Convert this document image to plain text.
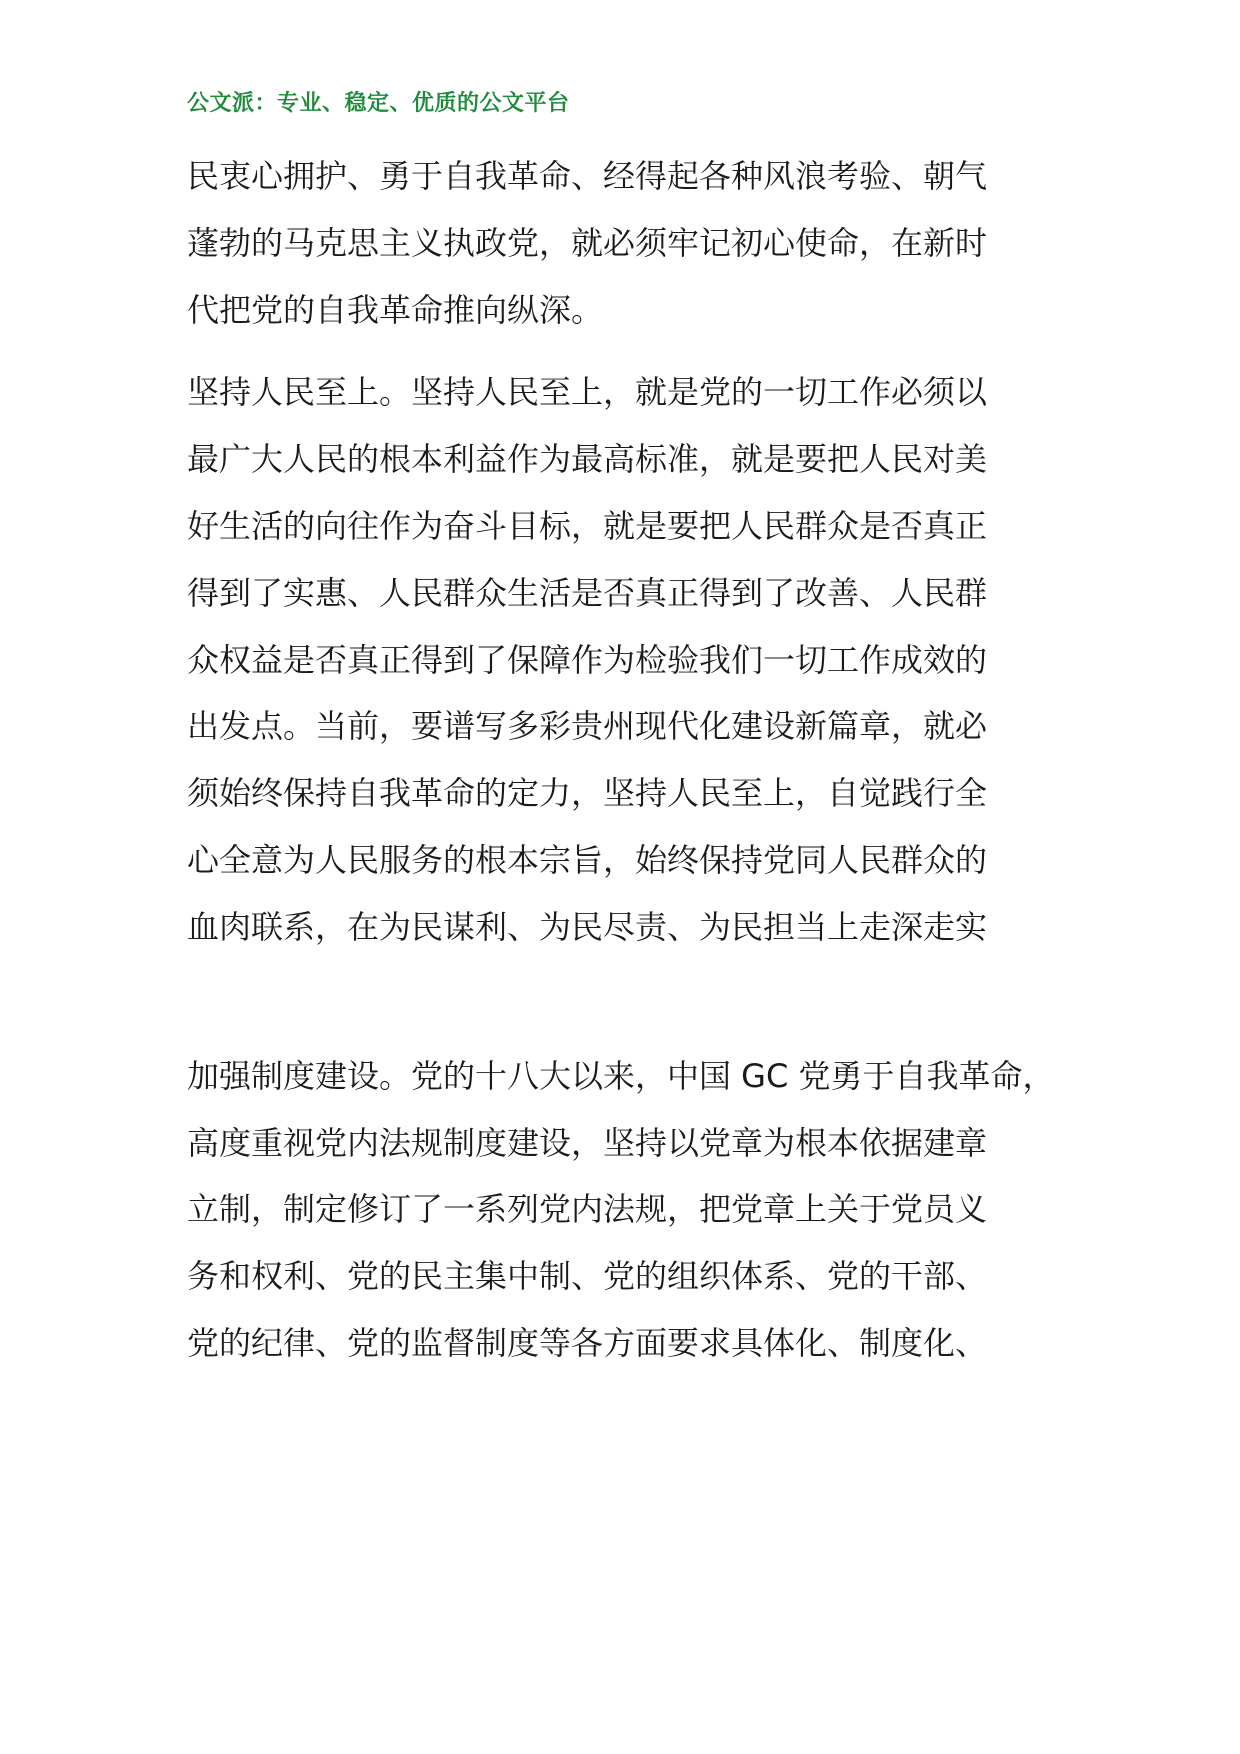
公文派：专业、稳定、优质的公文平台
民衷心拥护、勇于自我革命、经得起各种风浪考验、朝气
蓬勃的马克思主义执政党，就必须牢记初心使命，在新时
代把党的自我革命推向纵深。
坚持人民至上。坚持人民至上，就是党的一切工作必须以
最广大人民的根本利益作为最高标准，就是要把人民对美
好生活的向往作为奋斗目标，就是要把人民群众是否真正
得到了实惠、人民群众生活是否真正得到了改善、人民群
众权益是否真正得到了保障作为检验我们一切工作成效的
出发点。当前，要谱写多彩贵州现代化建设新篇章，就必
须始终保持自我革命的定力，坚持人民至上，自觉践行全
心全意为人民服务的根本宗旨，始终保持党同人民群众的
血肉联系，在为民谋利、为民尽责、为民担当上走深走实
加强制度建设。党的十八大以来，中国 GC 党勇于自我革命，
高度重视党内法规制度建设，坚持以党章为根本依据建章
立制，制定修订了一系列党内法规，把党章上关于党员义
务和权利、党的民主集中制、党的组织体系、党的干部、
党的纪律、党的监督制度等各方面要求具体化、制度化、
